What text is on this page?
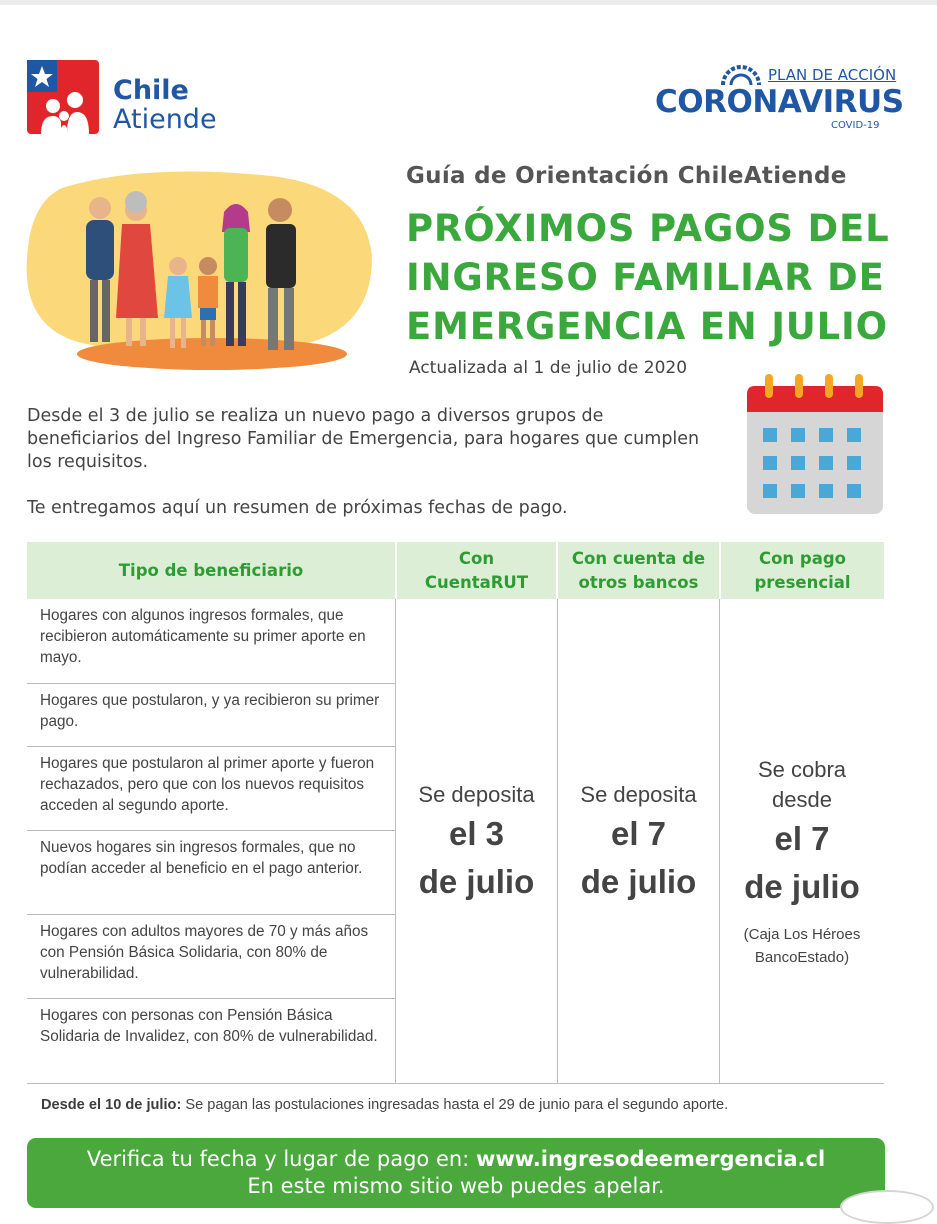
Chile
Atiende
PLAN DE ACCIÓN
CORONAVIRUS
COVID-19
Guía de Orientación ChileAtiende
PRÓXIMOS PAGOS DEL
INGRESO FAMILIAR DE
EMERGENCIA EN JULIO
Actualizada al 1 de julio de 2020

Desde el 3 de julio se realiza un nuevo pago a diversos grupos de beneficiarios del Ingreso Familiar de Emergencia, para hogares que cumplen los requisitos.

Te entregamos aquí un resumen de próximas fechas de pago.

Tipo de beneficiario
Con CuentaRUT
Con cuenta de otros bancos
Con pago presencial
Hogares con algunos ingresos formales, que recibieron automáticamente su primer aporte en mayo.
Hogares que postularon, y ya recibieron su primer pago.
Hogares que postularon al primer aporte y fueron rechazados, pero que con los nuevos requisitos acceden al segundo aporte.
Nuevos hogares sin ingresos formales, que no podían acceder al beneficio en el pago anterior.
Hogares con adultos mayores de 70 y más años con Pensión Básica Solidaria, con 80% de vulnerabilidad.
Hogares con personas con Pensión Básica Solidaria de Invalidez, con 80% de vulnerabilidad.
Se deposita
el 3
de julio
Se deposita
el 7
de julio
Se cobra
desde
el 7
de julio
(Caja Los Héroes
BancoEstado)
Desde el 10 de julio: Se pagan las postulaciones ingresadas hasta el 29 de junio para el segundo aporte.
Verifica tu fecha y lugar de pago en: www.ingresodeemergencia.cl
En este mismo sitio web puedes apelar.
